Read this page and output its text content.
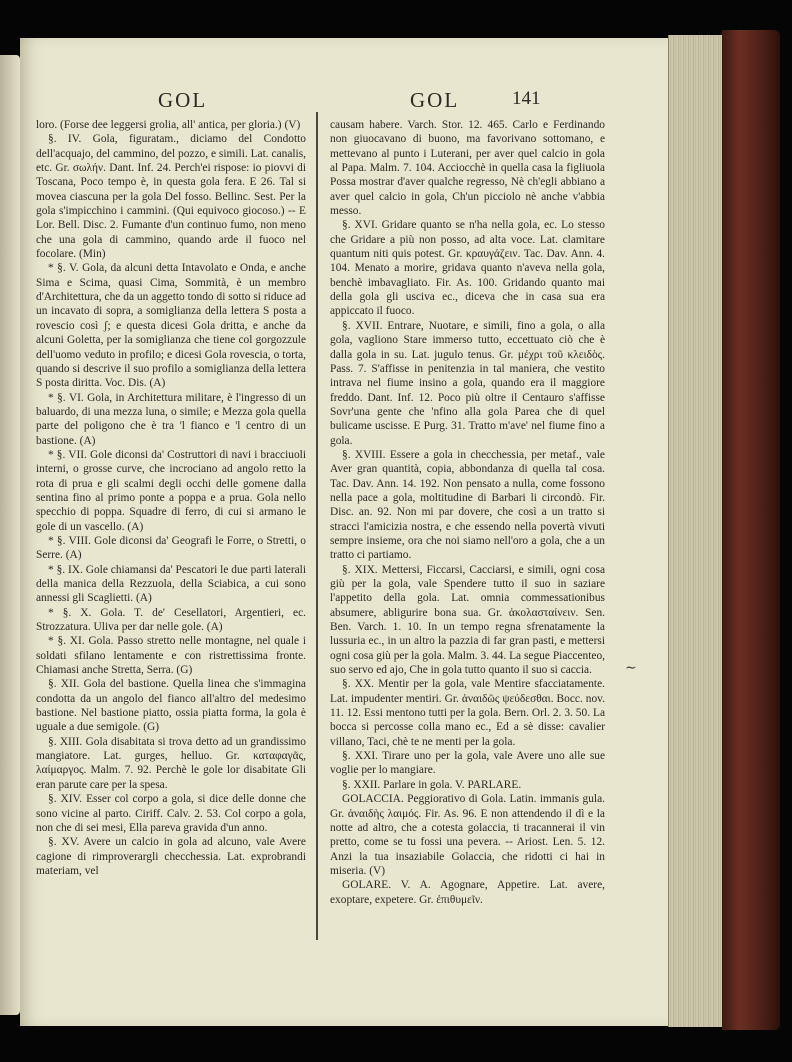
GOL	GOL	141

loro. (Forse dee leggersi grolia, all' antica, per gloria.) (V)

§. IV. Gola, figuratam., diciamo del Condotto dell'acquajo, del cammino, del pozzo, e simili. Lat. canalis, etc. Gr. σωλήν. Dant. Inf. 24. Perch'ei rispose: io piovvi di Toscana, Poco tempo è, in questa gola fera. E 26. Tal si movea ciascuna per la gola Del fosso. Bellinc. Sest. Per la gola s'impicchino i cammini. (Qui equivoco giocoso.) -- E Lor. Bell. Disc. 2. Fumante d'un continuo fumo, non meno che una gola di cammino, quando arde il fuoco nel focolare. (Min)

* §. V. Gola, da alcuni detta Intavolato e Onda, e anche Sima e Scima, quasi Cima, Sommità, è un membro d'Architettura, che da un aggetto tondo di sotto si riduce ad un incavato di sopra, a somiglianza della lettera S posta a rovescio così ʃ; e questa dicesi Gola dritta, e anche da alcuni Goletta, per la somiglianza che tiene col gorgozzule dell'uomo veduto in profilo; e dicesi Gola rovescia, o torta, quando si descrive il suo profilo a somiglianza della lettera S posta diritta. Voc. Dis. (A)

* §. VI. Gola, in Architettura militare, è l'ingresso di un baluardo, di una mezza luna, o simile; e Mezza gola quella parte del poligono che è tra 'l fianco e 'l centro di un bastione. (A)

* §. VII. Gole diconsi da' Costruttori di navi i bracciuoli interni, o grosse curve, che incrociano ad angolo retto la rota di prua e gli scalmi degli occhi delle gomene dalla sentina fino al primo ponte a poppa e a prua. Gola nello specchio di poppa. Squadre di ferro, di cui si armano le gole di un vascello. (A)

* §. VIII. Gole diconsi da' Geografi le Forre, o Stretti, o Serre. (A)

* §. IX. Gole chiamansi da' Pescatori le due parti laterali della manica della Rezzuola, della Sciabica, a cui sono annessi gli Scaglietti. (A)

* §. X. Gola. T. de' Cesellatori, Argentieri, ec. Strozzatura. Uliva per dar nelle gole. (A)

* §. XI. Gola. Passo stretto nelle montagne, nel quale i soldati sfilano lentamente e con ristrettissima fronte. Chiamasi anche Stretta, Serra. (G)

§. XII. Gola del bastione. Quella linea che s'immagina condotta da un angolo del fianco all'altro del medesimo bastione. Nel bastione piatto, ossia piatta forma, la gola è uguale a due semigole. (G)

§. XIII. Gola disabitata si trova detto ad un grandissimo mangiatore. Lat. gurges, helluo. Gr. καταφαγᾶς, λαίμαργος. Malm. 7. 92. Perchè le gole lor disabitate Gli eran parute care per la spesa.

§. XIV. Esser col corpo a gola, si dice delle donne che sono vicine al parto. Ciriff. Calv. 2. 53. Col corpo a gola, non che di sei mesi, Ella pareva gravida d'un anno.

§. XV. Avere un calcio in gola ad alcuno, vale Avere cagione di rimproverargli checchessia. Lat. exprobrandi materiam, vel

causam habere. Varch. Stor. 12. 465. Carlo e Ferdinando non giuocavano di buono, ma favorivano sottomano, e mettevano al punto i Luterani, per aver quel calcio in gola al Papa. Malm. 7. 104. Acciocchè in quella casa la figliuola Possa mostrar d'aver qualche regresso, Nè ch'egli abbiano a aver quel calcio in gola, Ch'un picciolo nè anche v'abbia messo.

§. XVI. Gridare quanto se n'ha nella gola, ec. Lo stesso che Gridare a più non posso, ad alta voce. Lat. clamitare quantum niti quis potest. Gr. κραυγάζειν. Tac. Dav. Ann. 4. 104. Menato a morire, gridava quanto n'aveva nella gola, benchè imbavagliato. Fir. As. 100. Gridando quanto mai della gola gli usciva ec., diceva che in casa sua era appiccato il fuoco.

§. XVII. Entrare, Nuotare, e simili, fino a gola, o alla gola, vagliono Stare immerso tutto, eccettuato ciò che è dalla gola in su. Lat. jugulo tenus. Gr. μέχρι τοῦ κλειδὸς. Pass. 7. S'affisse in penitenzia in tal maniera, che vestito intrava nel fiume insino a gola, quando era il maggiore freddo. Dant. Inf. 12. Poco più oltre il Centauro s'affisse Sovr'una gente che 'nfino alla gola Parea che di quel bulicame uscisse. E Purg. 31. Tratto m'ave' nel fiume fino a gola.

§. XVIII. Essere a gola in checchessia, per metaf., vale Aver gran quantità, copia, abbondanza di quella tal cosa. Tac. Dav. Ann. 14. 192. Non pensato a nulla, come fossono nella pace a gola, moltitudine di Barbari li circondò. Fir. Disc. an. 92. Non mi par dovere, che così a un tratto si stracci l'amicizia nostra, e che essendo nella povertà vivuti sempre insieme, ora che noi siamo nell'oro a gola, che a un tratto ci partiamo.

§. XIX. Mettersi, Ficcarsi, Cacciarsi, e simili, ogni cosa giù per la gola, vale Spendere tutto il suo in saziare l'appetito della gola. Lat. omnia commessationibus absumere, abligurire bona sua. Gr. ἀκολασταίνειν. Sen. Ben. Varch. 1. 10. In un tempo regna sfrenatamente la lussuria ec., in un altro la pazzia di far gran pasti, e mettersi ogni cosa giù per la gola. Malm. 3. 44. La segue Piaccenteo, suo servo ed ajo, Che in gola tutto quanto il suo si caccia.

§. XX. Mentir per la gola, vale Mentire sfacciatamente. Lat. impudenter mentiri. Gr. ἀναιδῶς ψεύδεσθαι. Bocc. nov. 11. 12. Essi mentono tutti per la gola. Bern. Orl. 2. 3. 50. La bocca si percosse colla mano ec., Ed a sè disse: cavalier villano, Taci, chè te ne menti per la gola.

§. XXI. Tirare uno per la gola, vale Avere uno alle sue voglie per lo mangiare.

§. XXII. Parlare in gola. V. PARLARE.

GOLACCIA. Peggiorativo di Gola. Latin. immanis gula. Gr. ἀναιδὴς λαιμός. Fir. As. 96. E non attendendo il dì e la notte ad altro, che a cotesta golaccia, ti tracannerai il vin pretto, come se tu fossi una pevera. -- Ariost. Len. 5. 12. Anzi la tua insaziabile Golaccia, che ridotti ci hai in miseria. (V)

GOLARE. V. A. Agognare, Appetire. Lat. avere, exoptare, expetere. Gr. ἐπιθυμεῖν.

∼
